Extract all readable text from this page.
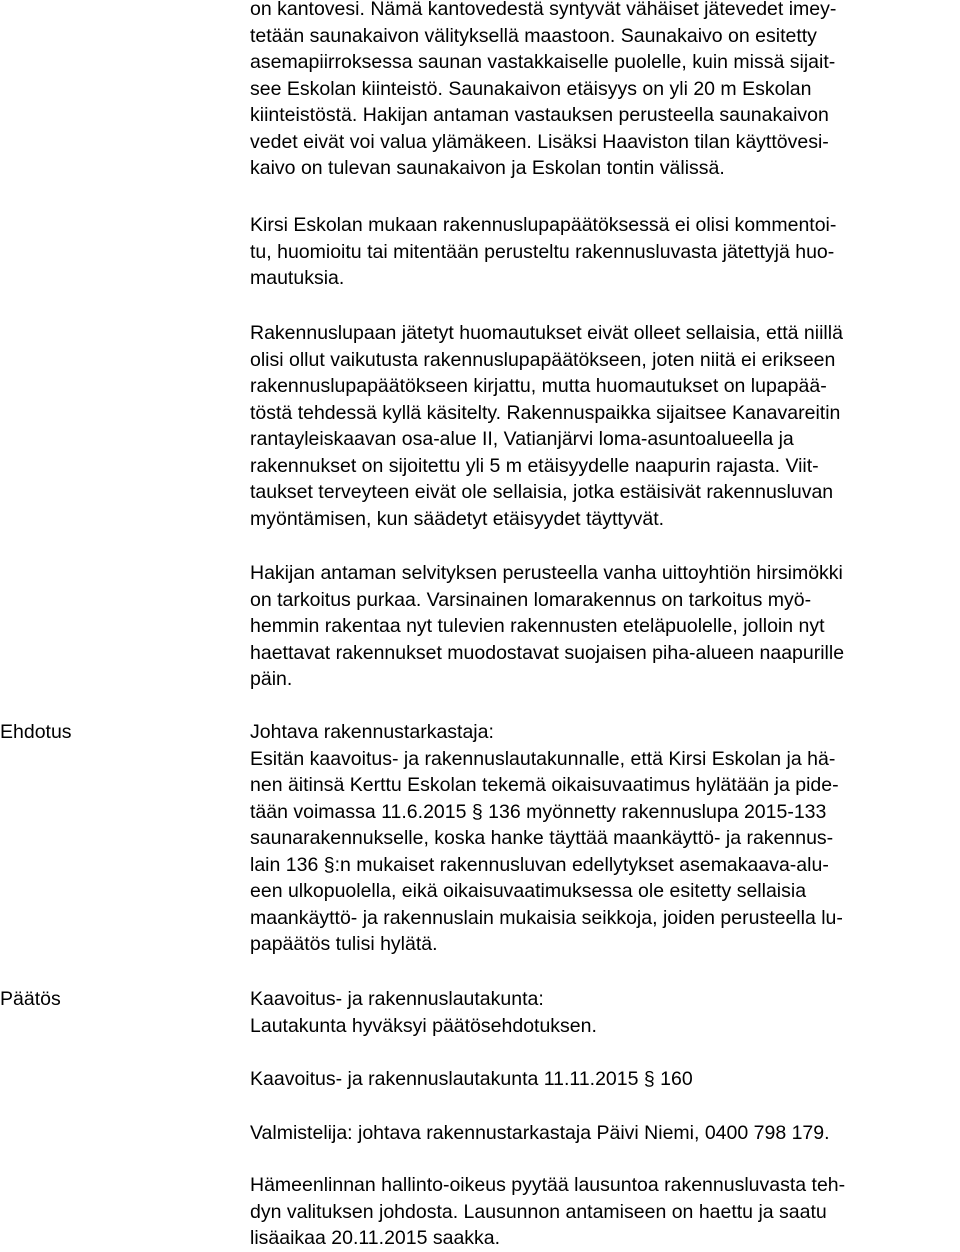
on kantovesi. Nämä kantovedestä syntyvät vähäiset jätevedet imey-
tetään saunakaivon välityksellä maastoon. Saunakaivo on esitetty
asemapiirroksessa saunan vastakkaiselle puolelle, kuin missä sijait-
see Eskolan kiinteistö. Saunakaivon etäisyys on yli 20 m Eskolan
kiinteistöstä. Hakijan antaman vastauksen perusteella saunakaivon
vedet eivät voi valua ylämäkeen. Lisäksi Haaviston tilan käyttövesi-
kaivo on tulevan saunakaivon ja Eskolan tontin välissä.
Kirsi Eskolan mukaan rakennuslupapäätöksessä ei olisi kommentoi-
tu, huomioitu tai mitentään perusteltu rakennusluvasta jätettyjä huo-
mautuksia.
Rakennuslupaan jätetyt huomautukset eivät olleet sellaisia, että niillä
olisi ollut vaikutusta rakennuslupapäätökseen, joten niitä ei erikseen
rakennuslupapäätökseen kirjattu, mutta huomautukset on lupapää-
töstä tehdessä kyllä käsitelty. Rakennuspaikka sijaitsee Kanavareitin
rantayleiskaavan osa-alue II, Vatianjärvi loma-asuntoalueella ja
rakennukset on sijoitettu yli 5 m etäisyydelle naapurin rajasta. Viit-
taukset terveyteen eivät ole sellaisia, jotka estäisivät rakennusluvan
myöntämisen, kun säädetyt etäisyydet täyttyvät.
Hakijan antaman selvityksen perusteella vanha uittoyhtiön hirsimökki
on tarkoitus purkaa. Varsinainen lomarakennus on tarkoitus myö-
hemmin rakentaa nyt tulevien rakennusten eteläpuolelle, jolloin nyt
haettavat rakennukset muodostavat suojaisen piha-alueen naapurille
päin.
Ehdotus	Johtava rakennustarkastaja:
Esitän kaavoitus- ja rakennuslautakunnalle, että Kirsi Eskolan ja hä-
nen äitinsä Kerttu Eskolan tekemä oikaisuvaatimus hylätään ja pide-
tään voimassa 11.6.2015 § 136 myönnetty rakennuslupa 2015-133
saunarakennukselle, koska hanke täyttää maankäyttö- ja rakennus-
lain 136 §:n mukaiset rakennusluvan edellytykset asemakaava-alu-
een ulkopuolella, eikä oikaisuvaatimuksessa ole esitetty sellaisia
maankäyttö- ja rakennuslain mukaisia seikkoja, joiden perusteella lu-
papäätös tulisi hylätä.
Päätös	Kaavoitus- ja rakennuslautakunta:
Lautakunta hyväksyi päätösehdotuksen.
Kaavoitus- ja rakennuslautakunta 11.11.2015 § 160
Valmistelija: johtava rakennustarkastaja Päivi Niemi, 0400 798 179.
Hämeenlinnan hallinto-oikeus pyytää lausuntoa rakennusluvasta teh-
dyn valituksen johdosta. Lausunnon antamiseen on haettu ja saatu
lisäaikaa 20.11.2015 saakka.
